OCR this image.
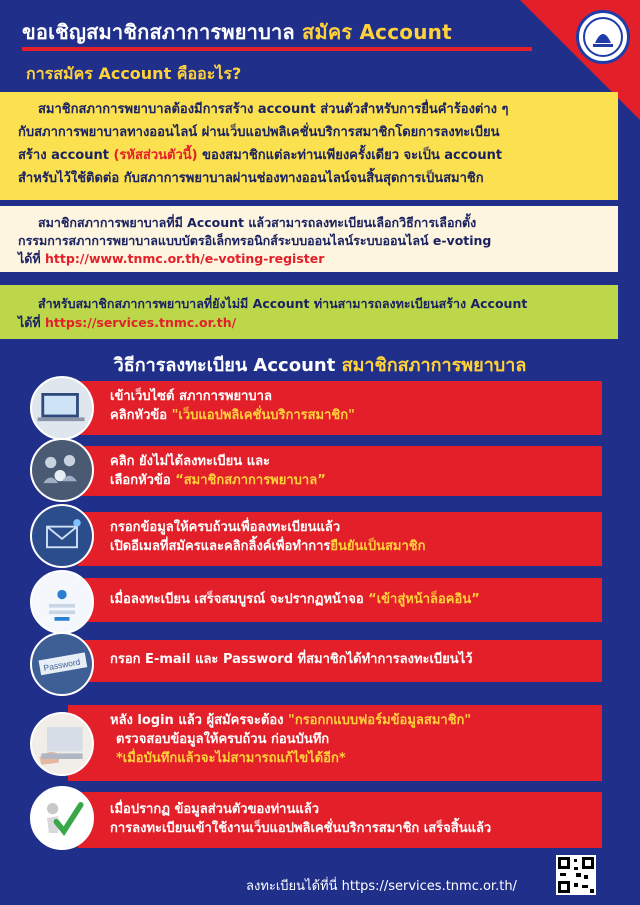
ขอเชิญสมาชิกสภาการพยาบาล สมัคร Account
การสมัคร Account คืออะไร?
สมาชิกสภาการพยาบาลต้องมีการสร้าง account ส่วนตัวสำหรับการยื่นคำร้องต่าง ๆ
กับสภาการพยาบาลทางออนไลน์ ผ่านเว็บแอปพลิเคชั่นบริการสมาชิกโดยการลงทะเบียน
สร้าง account (รหัสส่วนตัวนี้) ของสมาชิกแต่ละท่านเพียงครั้งเดียว จะเป็น account
สำหรับไว้ใช้ติดต่อ กับสภาการพยาบาลผ่านช่องทางออนไลน์จนสิ้นสุดการเป็นสมาชิก
สมาชิกสภาการพยาบาลที่มี Account แล้วสามารถลงทะเบียนเลือกวิธีการเลือกตั้ง
กรรมการสภาการพยาบาลแบบบัตรอิเล็กทรอนิกส์ระบบออนไลน์ระบบออนไลน์ e-voting
ได้ที่ http://www.tnmc.or.th/e-voting-register
สำหรับสมาชิกสภาการพยาบาลที่ยังไม่มี Account ท่านสามารถลงทะเบียนสร้าง Account
ได้ที่ https://services.tnmc.or.th/
วิธีการลงทะเบียน Account สมาชิกสภาการพยาบาล
เข้าเว็บไซต์ สภาการพยาบาล
คลิกหัวข้อ "เว็บแอปพลิเคชั่นบริการสมาชิก"
คลิก ยังไม่ได้ลงทะเบียน และ
เลือกหัวข้อ “สมาชิกสภาการพยาบาล”
กรอกข้อมูลให้ครบถ้วนเพื่อลงทะเบียนแล้ว
เปิดอีเมลที่สมัครและคลิกลิ้งค์เพื่อทำการยืนยันเป็นสมาชิก
เมื่อลงทะเบียน เสร็จสมบูรณ์ จะปรากฏหน้าจอ “เข้าสู่หน้าล็อคอิน”
กรอก E-mail และ Password ที่สมาชิกได้ทำการลงทะเบียนไว้
Password
หลัง login แล้ว ผู้สมัครจะต้อง "กรอกกแบบฟอร์มข้อมูลสมาชิก"
ตรวจสอบข้อมูลให้ครบถ้วน ก่อนบันทึก
*เมื่อบันทึกแล้วจะไม่สามารถแก้ไขได้อีก*
เมื่อปรากฏ ข้อมูลส่วนตัวของท่านแล้ว
การลงทะเบียนเข้าใช้งานเว็บแอปพลิเคชั่นบริการสมาชิก เสร็จสิ้นแล้ว
ลงทะเบียนได้ที่นี่ https://services.tnmc.or.th/
